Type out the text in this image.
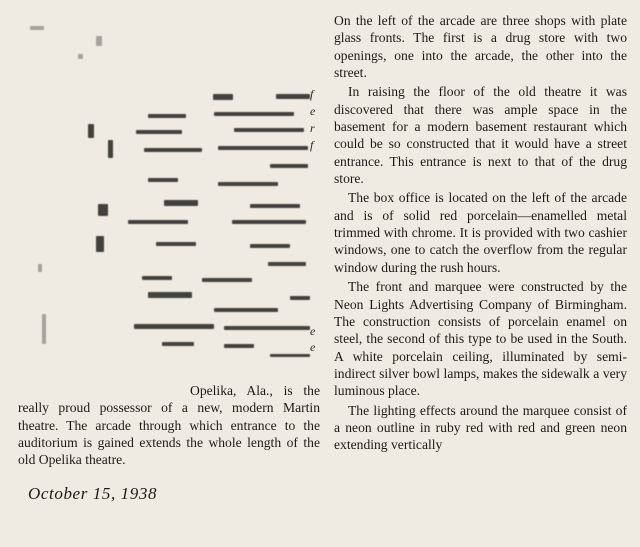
f
e
r
f
e
e

Opelika, Ala., is the really proud possessor of a new, modern Martin theatre. The arcade through which entrance to the auditorium is gained extends the whole length of the old Opelika theatre.

October 15, 1938

On the left of the arcade are three shops with plate glass fronts. The first is a drug store with two openings, one into the arcade, the other into the street.

In raising the floor of the old theatre it was discovered that there was ample space in the basement for a modern basement restaurant which could be so constructed that it would have a street entrance. This entrance is next to that of the drug store.

The box office is located on the left of the arcade and is of solid red porcelain—enamelled metal trimmed with chrome. It is provided with two cashier windows, one to catch the overflow from the regular window during the rush hours.

The front and marquee were constructed by the Neon Lights Advertising Company of Birmingham. The construction consists of porcelain enamel on steel, the second of this type to be used in the South. A white porcelain ceiling, illuminated by semi-indirect silver bowl lamps, makes the sidewalk a very luminous place.

The lighting effects around the marquee consist of a neon outline in ruby red with red and green neon extending vertically
